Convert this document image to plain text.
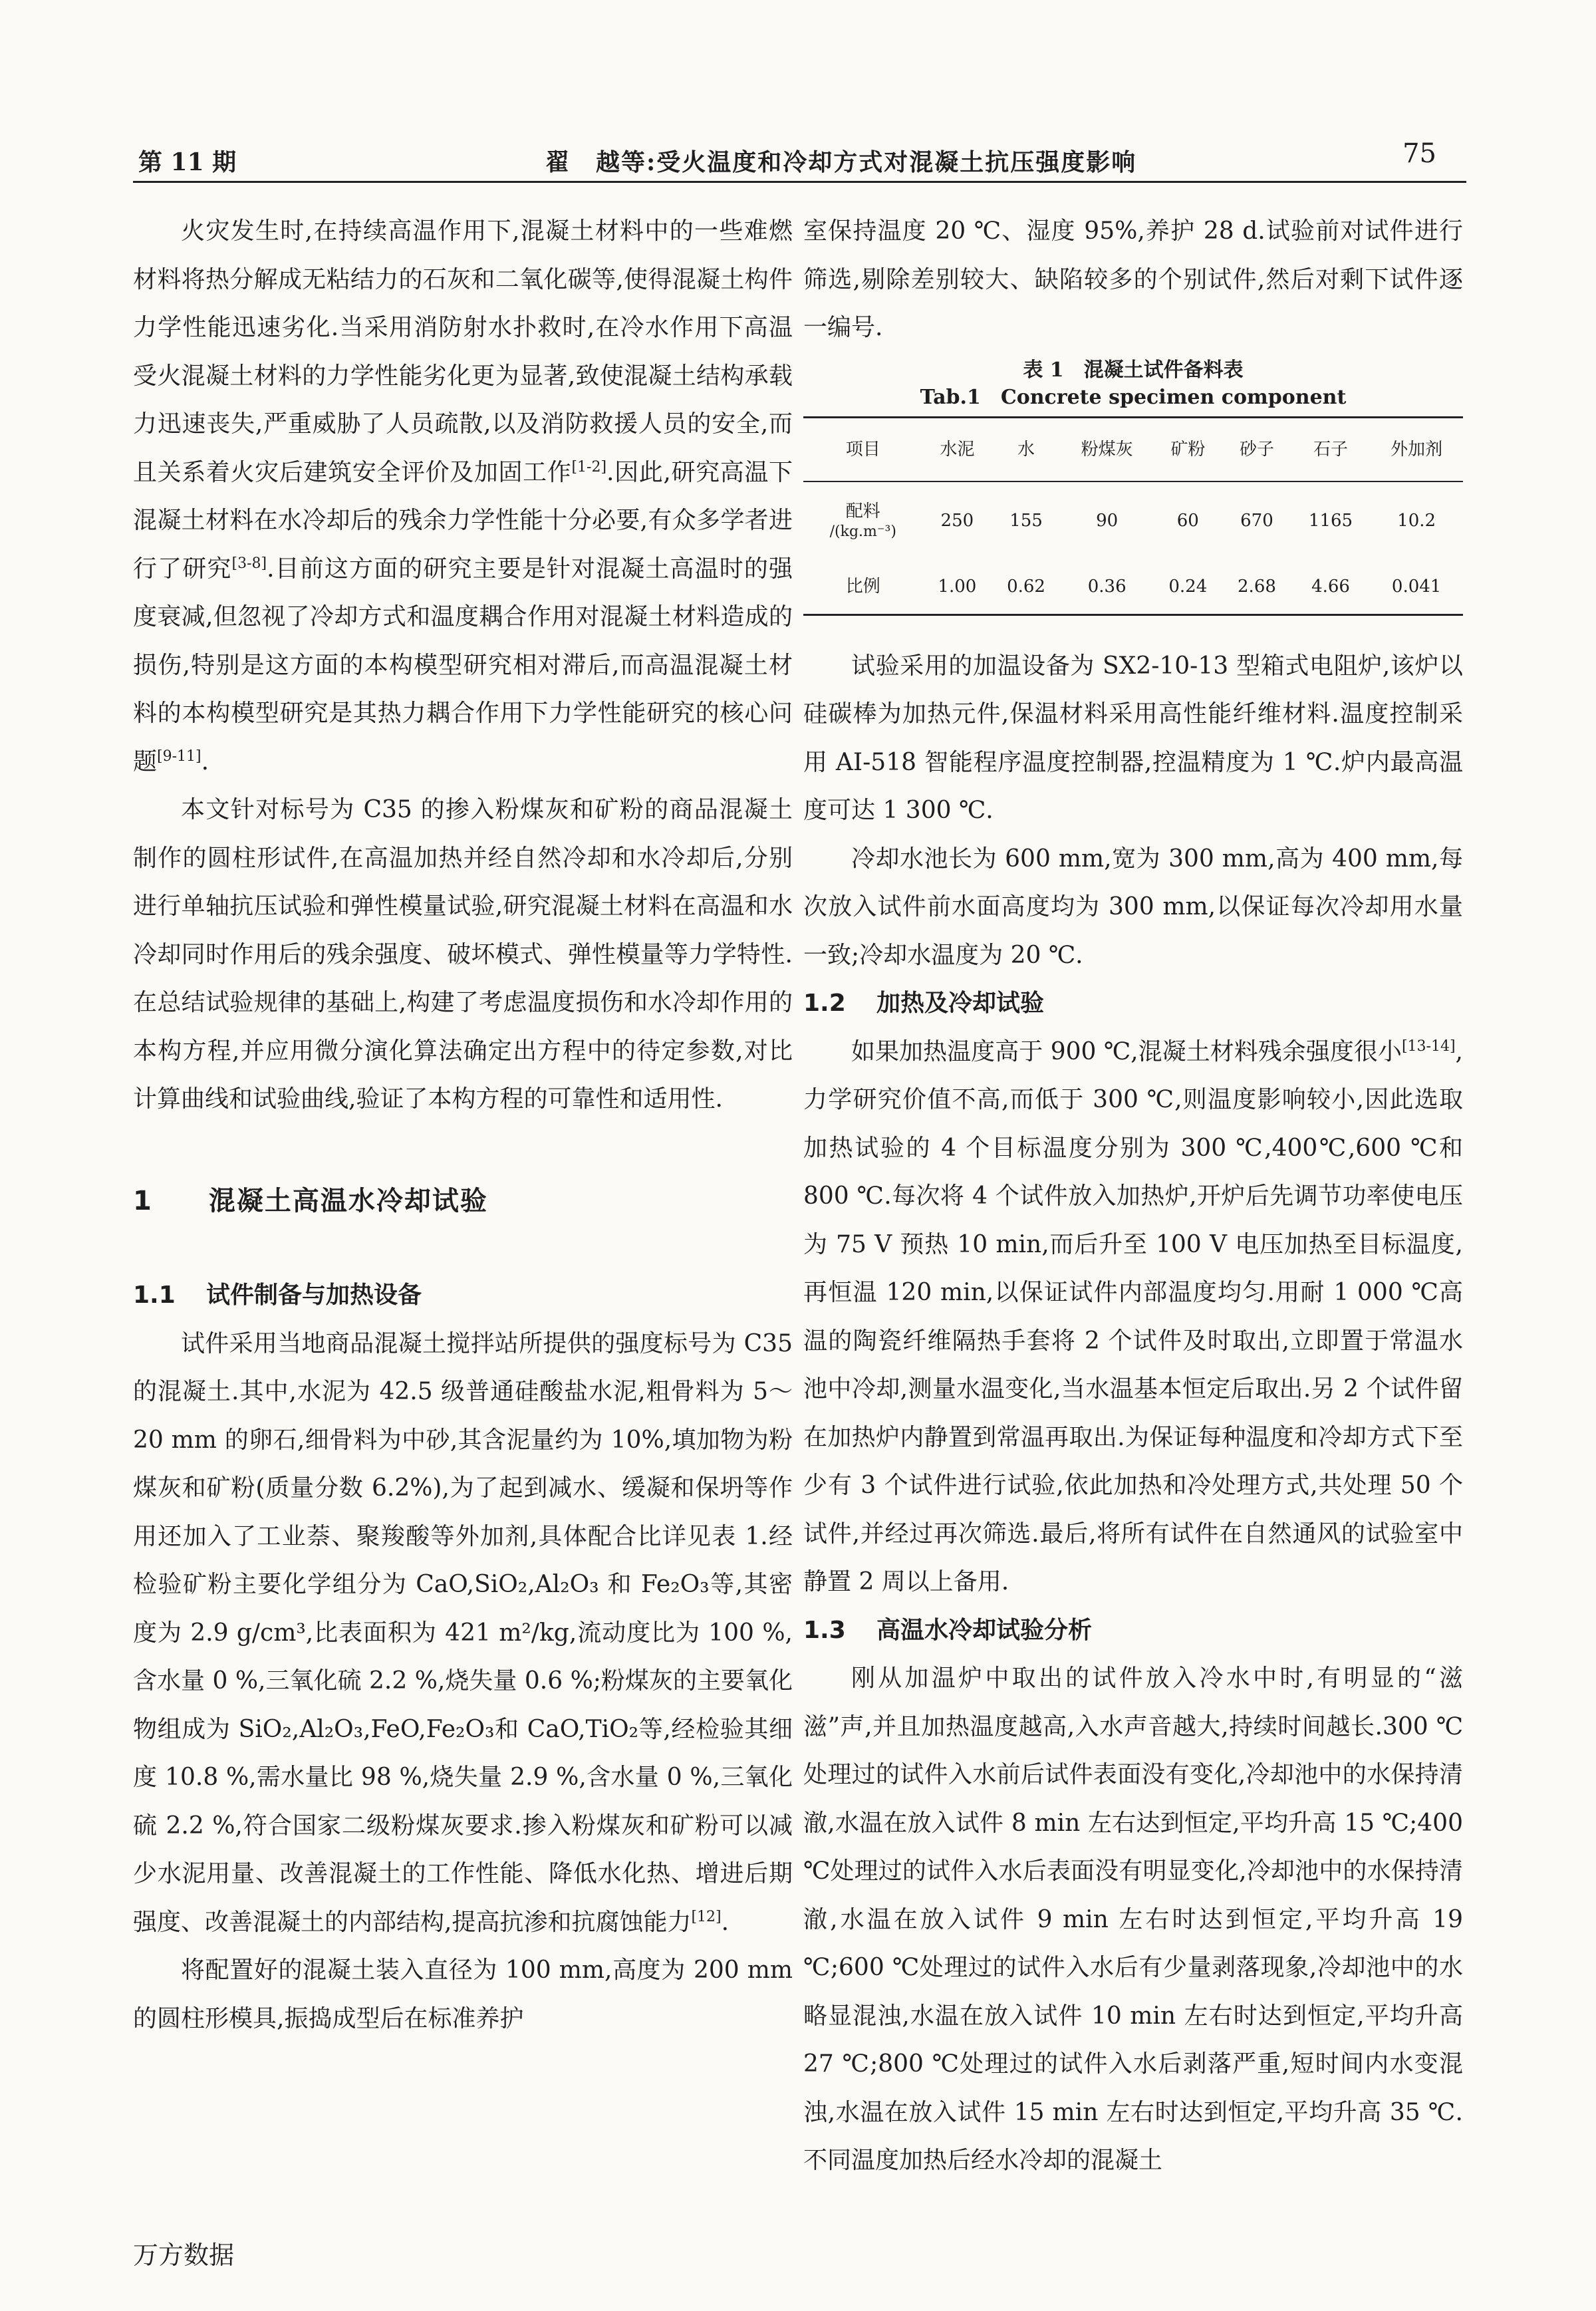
第 11 期	翟　越等:受火温度和冷却方式对混凝土抗压强度影响	75

火灾发生时,在持续高温作用下,混凝土材料中的一些难燃材料将热分解成无粘结力的石灰和二氧化碳等,使得混凝土构件力学性能迅速劣化.当采用消防射水扑救时,在冷水作用下高温受火混凝土材料的力学性能劣化更为显著,致使混凝土结构承载力迅速丧失,严重威胁了人员疏散,以及消防救援人员的安全,而且关系着火灾后建筑安全评价及加固工作[1-2].因此,研究高温下混凝土材料在水冷却后的残余力学性能十分必要,有众多学者进行了研究[3-8].目前这方面的研究主要是针对混凝土高温时的强度衰减,但忽视了冷却方式和温度耦合作用对混凝土材料造成的损伤,特别是这方面的本构模型研究相对滞后,而高温混凝土材料的本构模型研究是其热力耦合作用下力学性能研究的核心问题[9-11].

本文针对标号为 C35 的掺入粉煤灰和矿粉的商品混凝土制作的圆柱形试件,在高温加热并经自然冷却和水冷却后,分别进行单轴抗压试验和弹性模量试验,研究混凝土材料在高温和水冷却同时作用后的残余强度、破坏模式、弹性模量等力学特性.在总结试验规律的基础上,构建了考虑温度损伤和水冷却作用的本构方程,并应用微分演化算法确定出方程中的待定参数,对比计算曲线和试验曲线,验证了本构方程的可靠性和适用性.

1　　 混凝土高温水冷却试验
1.1 试件制备与加热设备

试件采用当地商品混凝土搅拌站所提供的强度标号为 C35 的混凝土.其中,水泥为 42.5 级普通硅酸盐水泥,粗骨料为 5～20 mm 的卵石,细骨料为中砂,其含泥量约为 10%,填加物为粉煤灰和矿粉(质量分数 6.2%),为了起到减水、缓凝和保坍等作用还加入了工业萘、聚羧酸等外加剂,具体配合比详见表 1.经检验矿粉主要化学组分为 CaO,SiO₂,Al₂O₃ 和 Fe₂O₃等,其密度为 2.9 g/cm³,比表面积为 421 m²/kg,流动度比为 100 %,含水量 0 %,三氧化硫 2.2 %,烧失量 0.6 %;粉煤灰的主要氧化物组成为 SiO₂,Al₂O₃,FeO,Fe₂O₃和 CaO,TiO₂等,经检验其细度 10.8 %,需水量比 98 %,烧失量 2.9 %,含水量 0 %,三氧化硫 2.2 %,符合国家二级粉煤灰要求.掺入粉煤灰和矿粉可以减少水泥用量、改善混凝土的工作性能、降低水化热、增进后期强度、改善混凝土的内部结构,提高抗渗和抗腐蚀能力[12].

将配置好的混凝土装入直径为 100 mm,高度为 200 mm 的圆柱形模具,振捣成型后在标准养护

室保持温度 20 ℃、湿度 95%,养护 28 d.试验前对试件进行筛选,剔除差别较大、缺陷较多的个别试件,然后对剩下试件逐一编号.

表 1　混凝土试件备料表
Tab.1　Concrete specimen component
项目	水泥	水	粉煤灰	矿粉	砂子	石子	外加剂
配料
/(kg.m⁻³)	250	155	90	60	670	1165	10.2
比例	1.00	0.62	0.36	0.24	2.68	4.66	0.041

试验采用的加温设备为 SX2-10-13 型箱式电阻炉,该炉以硅碳棒为加热元件,保温材料采用高性能纤维材料.温度控制采用 AI-518 智能程序温度控制器,控温精度为 1 ℃.炉内最高温度可达 1 300 ℃.

冷却水池长为 600 mm,宽为 300 mm,高为 400 mm,每次放入试件前水面高度均为 300 mm,以保证每次冷却用水量一致;冷却水温度为 20 ℃.

1.2 加热及冷却试验

如果加热温度高于 900 ℃,混凝土材料残余强度很小[13-14],力学研究价值不高,而低于 300 ℃,则温度影响较小,因此选取加热试验的 4 个目标温度分别为 300 ℃,400℃,600 ℃和 800 ℃.每次将 4 个试件放入加热炉,开炉后先调节功率使电压为 75 V 预热 10 min,而后升至 100 V 电压加热至目标温度,再恒温 120 min,以保证试件内部温度均匀.用耐 1 000 ℃高温的陶瓷纤维隔热手套将 2 个试件及时取出,立即置于常温水池中冷却,测量水温变化,当水温基本恒定后取出.另 2 个试件留在加热炉内静置到常温再取出.为保证每种温度和冷却方式下至少有 3 个试件进行试验,依此加热和冷处理方式,共处理 50 个试件,并经过再次筛选.最后,将所有试件在自然通风的试验室中静置 2 周以上备用.

1.3 高温水冷却试验分析

刚从加温炉中取出的试件放入冷水中时,有明显的“滋滋”声,并且加热温度越高,入水声音越大,持续时间越长.300 ℃处理过的试件入水前后试件表面没有变化,冷却池中的水保持清澈,水温在放入试件 8 min 左右达到恒定,平均升高 15 ℃;400 ℃处理过的试件入水后表面没有明显变化,冷却池中的水保持清澈,水温在放入试件 9 min 左右时达到恒定,平均升高 19 ℃;600 ℃处理过的试件入水后有少量剥落现象,冷却池中的水略显混浊,水温在放入试件 10 min 左右时达到恒定,平均升高 27 ℃;800 ℃处理过的试件入水后剥落严重,短时间内水变混浊,水温在放入试件 15 min 左右时达到恒定,平均升高 35 ℃.不同温度加热后经水冷却的混凝土

万方数据
